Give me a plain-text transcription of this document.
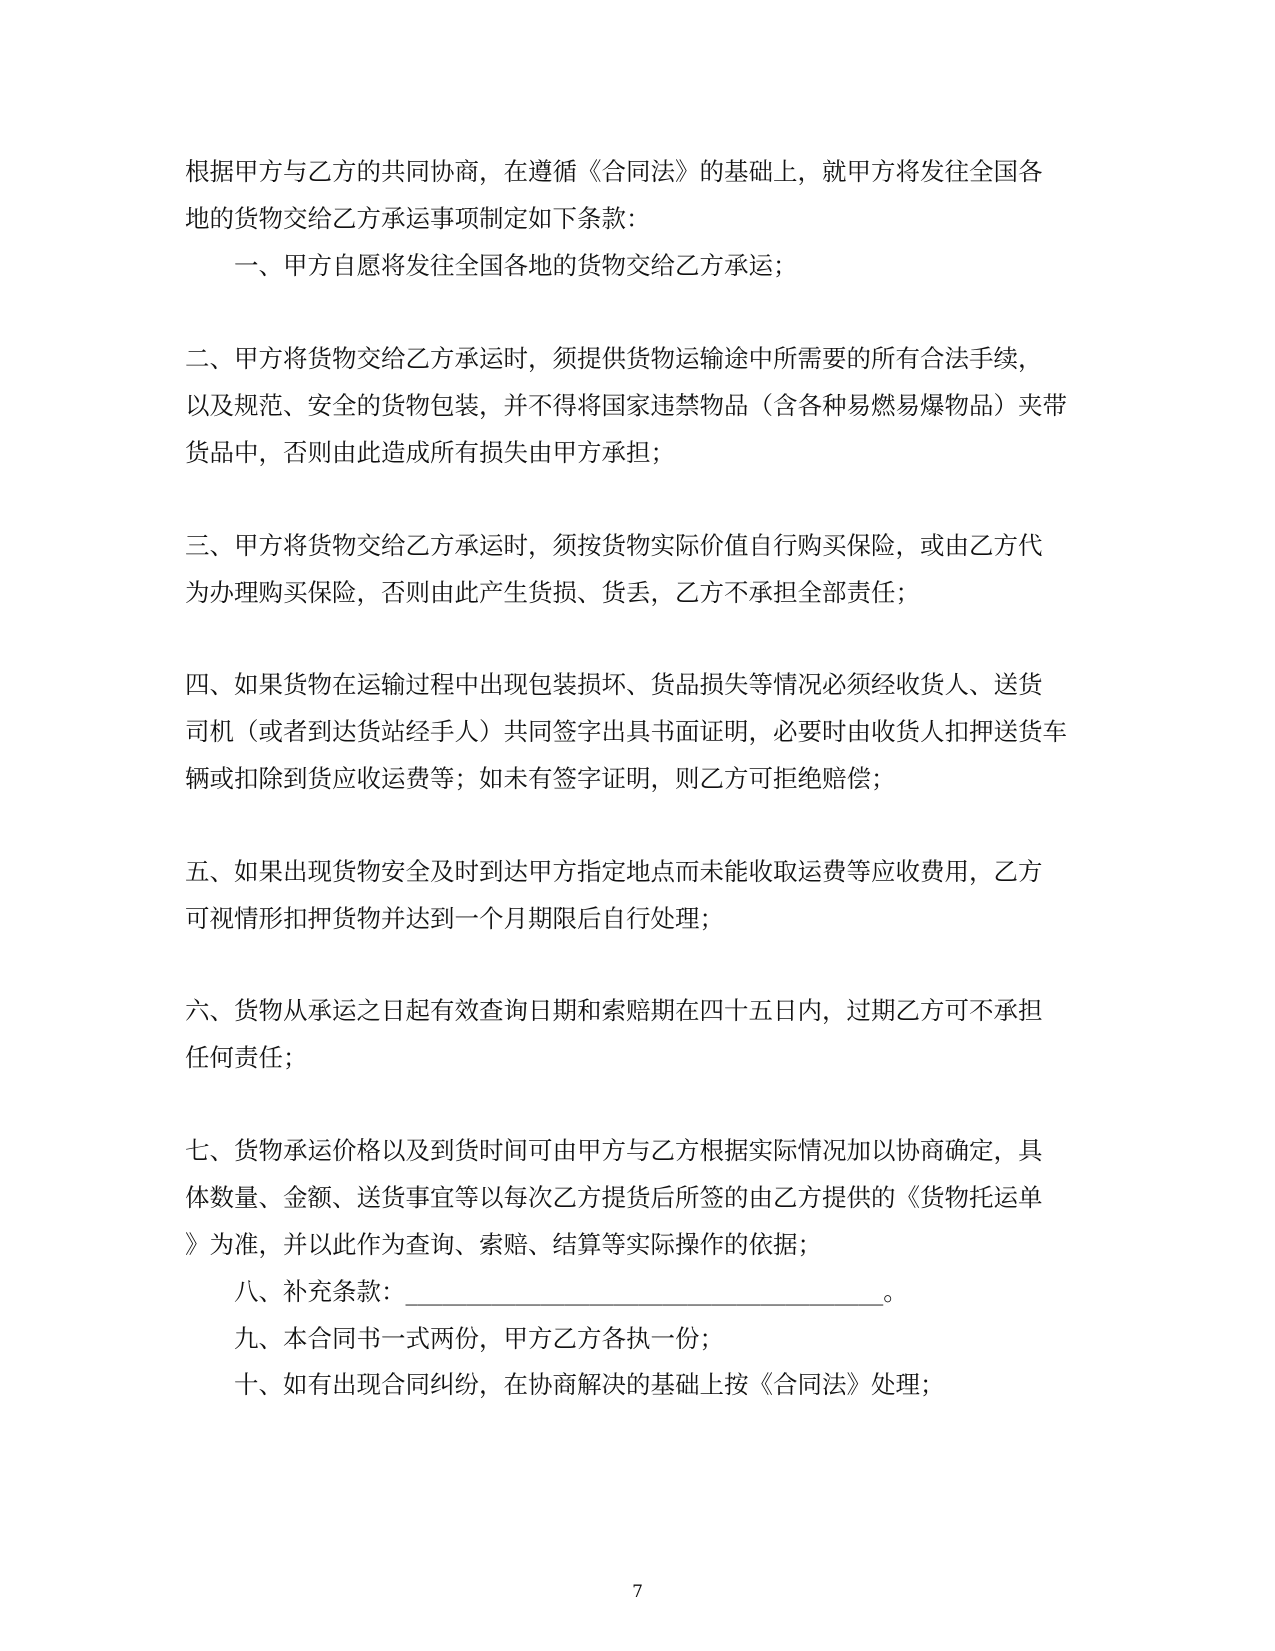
根据甲方与乙方的共同协商，在遵循《合同法》的基础上，就甲方将发往全国各
地的货物交给乙方承运事项制定如下条款：
一、甲方自愿将发往全国各地的货物交给乙方承运；
二、甲方将货物交给乙方承运时，须提供货物运输途中所需要的所有合法手续，
以及规范、安全的货物包装，并不得将国家违禁物品（含各种易燃易爆物品）夹带
货品中，否则由此造成所有损失由甲方承担；
三、甲方将货物交给乙方承运时，须按货物实际价值自行购买保险，或由乙方代
为办理购买保险，否则由此产生货损、货丢，乙方不承担全部责任；
四、如果货物在运输过程中出现包装损坏、货品损失等情况必须经收货人、送货
司机（或者到达货站经手人）共同签字出具书面证明，必要时由收货人扣押送货车
辆或扣除到货应收运费等；如未有签字证明，则乙方可拒绝赔偿；
五、如果出现货物安全及时到达甲方指定地点而未能收取运费等应收费用，乙方
可视情形扣押货物并达到一个月期限后自行处理；
六、货物从承运之日起有效查询日期和索赔期在四十五日内，过期乙方可不承担
任何责任；
七、货物承运价格以及到货时间可由甲方与乙方根据实际情况加以协商确定，具
体数量、金额、送货事宜等以每次乙方提货后所签的由乙方提供的《货物托运单
》为准，并以此作为查询、索赔、结算等实际操作的依据；
八、补充条款：_______________________________________。
九、本合同书一式两份，甲方乙方各执一份；
十、如有出现合同纠纷，在协商解决的基础上按《合同法》处理；
7
